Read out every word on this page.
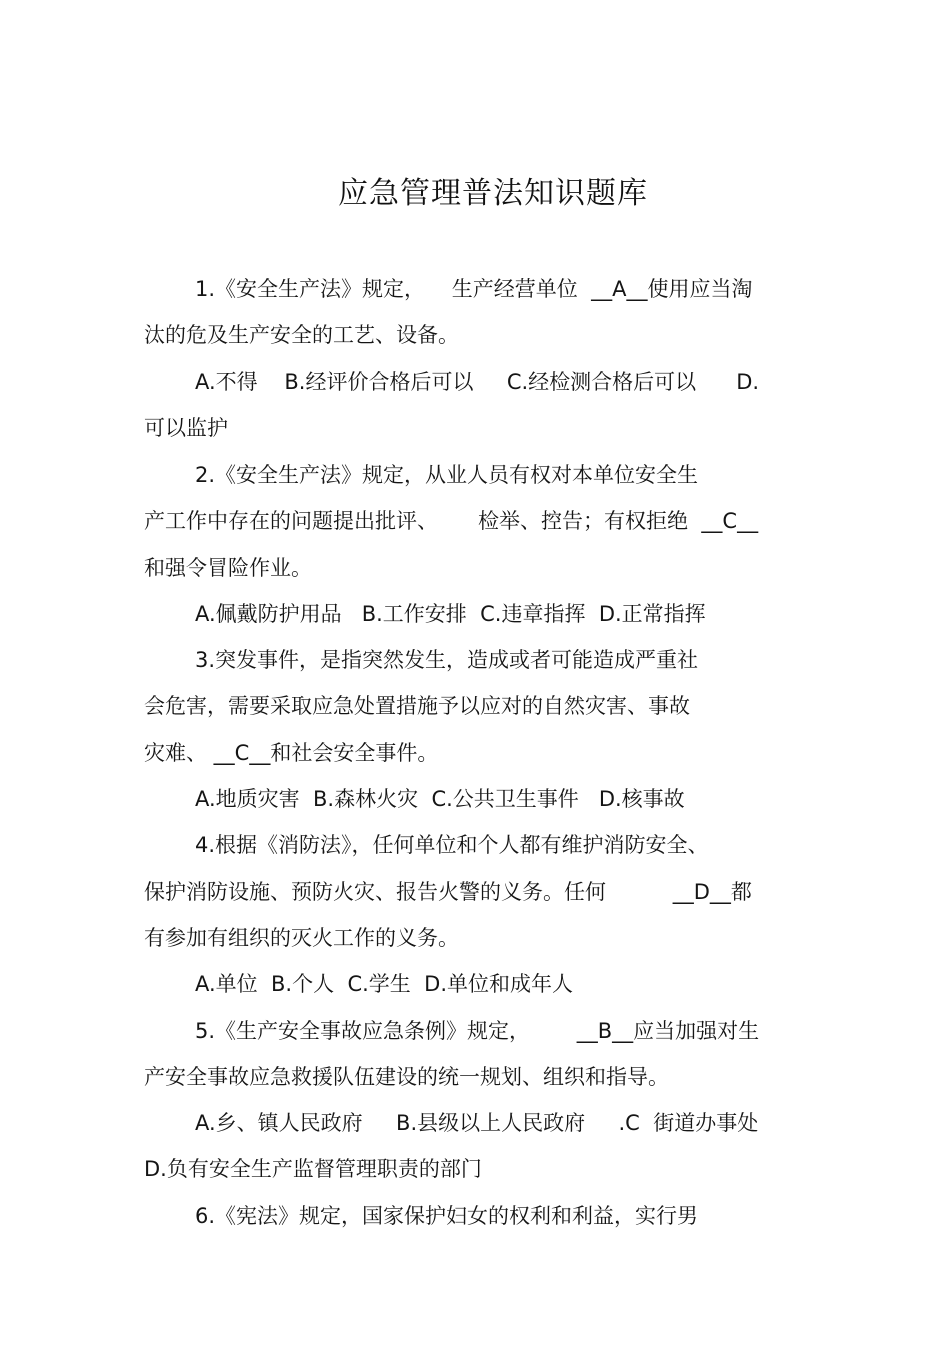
应急管理普法知识题库
1.《安全生产法》规定，    生产经营单位  __A__使用应当淘
汰的危及生产安全的工艺、设备。
A.不得    B.经评价合格后可以     C.经检测合格后可以      D.
可以监护
2.《安全生产法》规定，从业人员有权对本单位安全生
产工作中存在的问题提出批评、      检举、控告；有权拒绝  __C__
和强令冒险作业。
A.佩戴防护用品   B.工作安排  C.违章指挥  D.正常指挥
3.突发事件，是指突然发生，造成或者可能造成严重社
会危害，需要采取应急处置措施予以应对的自然灾害、事故
灾难、 __C__和社会安全事件。
A.地质灾害  B.森林火灾  C.公共卫生事件   D.核事故
4.根据《消防法》，任何单位和个人都有维护消防安全、
保护消防设施、预防火灾、报告火警的义务。任何          __D__都
有参加有组织的灭火工作的义务。
A.单位  B.个人  C.学生  D.单位和成年人
5.《生产安全事故应急条例》规定，       __B__应当加强对生
产安全事故应急救援队伍建设的统一规划、组织和指导。
A.乡、镇人民政府     B.县级以上人民政府     .C  街道办事处
D.负有安全生产监督管理职责的部门
6.《宪法》规定，国家保护妇女的权利和利益，实行男
